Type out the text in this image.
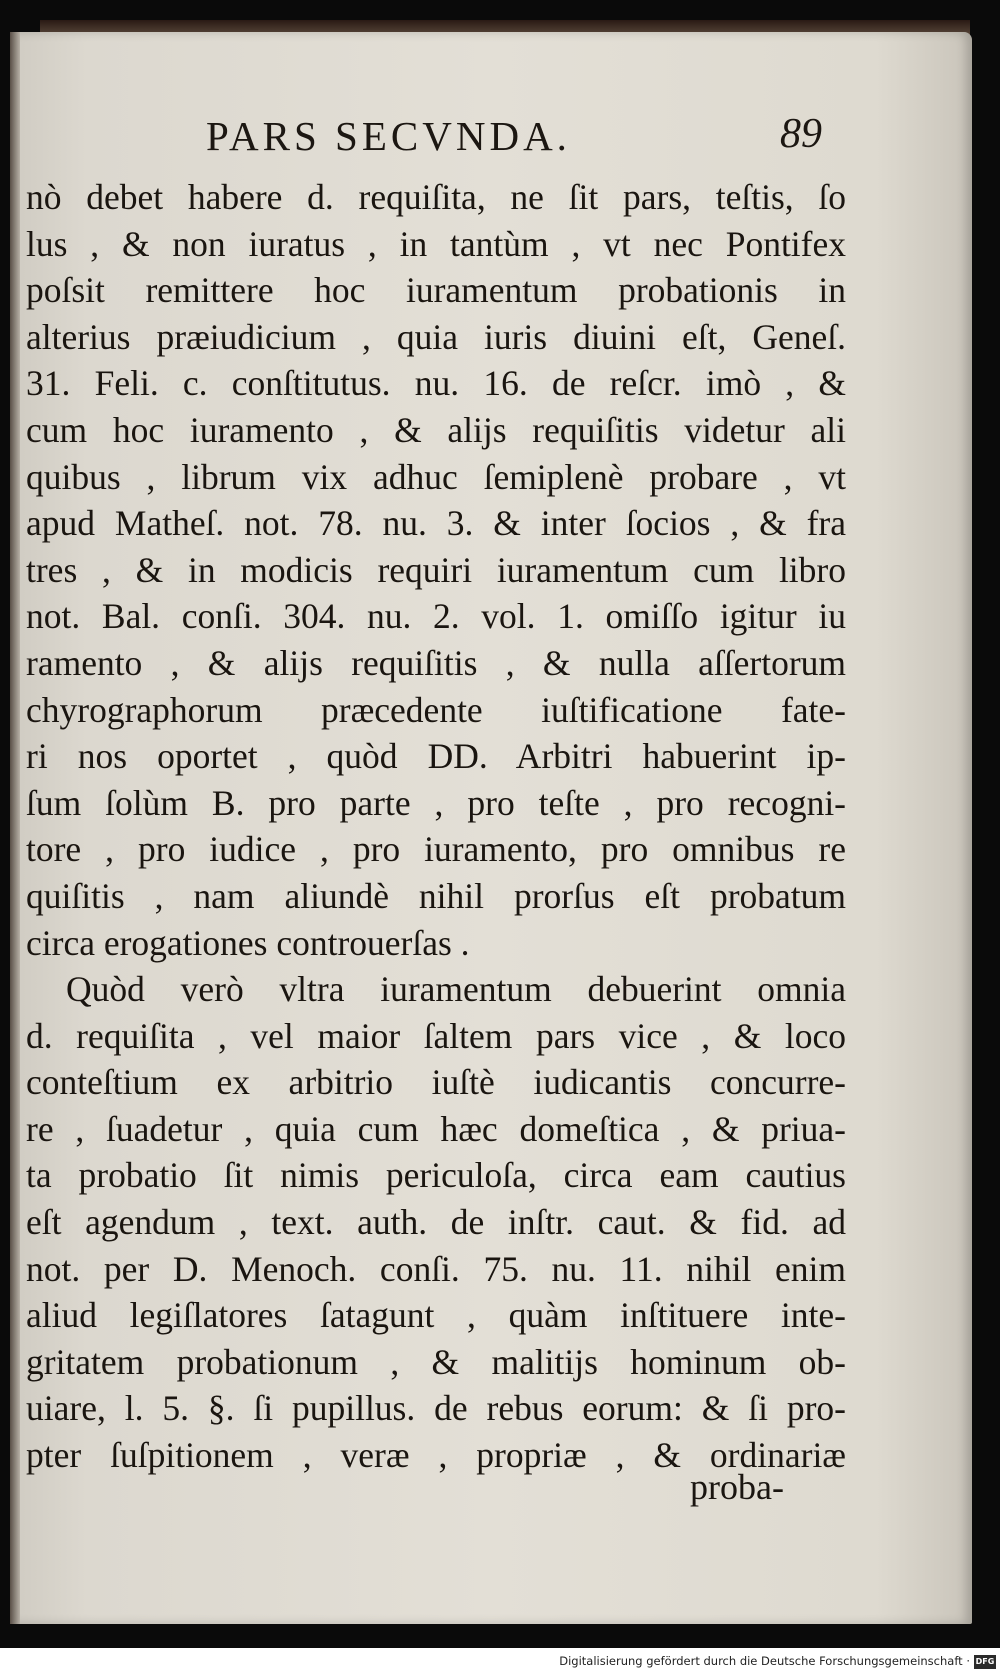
PARS SECVNDA.	89
nò debet habere d. requiſita, ne ſit pars, teſtis, ſo
lus , & non iuratus , in tantùm , vt nec Pontifex
poſsit remittere hoc iuramentum probationis in
alterius præiudicium , quia iuris diuini eſt, Geneſ.
31. Feli. c. conſtitutus. nu. 16. de reſcr. imò , &
cum hoc iuramento , & alijs requiſitis videtur ali
quibus , librum vix adhuc ſemiplenè probare , vt
apud Matheſ. not. 78. nu. 3. & inter ſocios , & fra
tres , & in modicis requiri iuramentum cum libro
not. Bal. conſi. 304. nu. 2. vol. 1. omiſſo igitur iu
ramento , & alijs requiſitis , & nulla aſſertorum
chyrographorum præcedente iuſtificatione fate-
ri nos oportet , quòd DD. Arbitri habuerint ip-
ſum ſolùm B. pro parte , pro teſte , pro recogni-
tore , pro iudice , pro iuramento, pro omnibus re
quiſitis , nam aliundè nihil prorſus eſt probatum
circa erogationes controuerſas .
Quòd verò vltra iuramentum debuerint omnia
d. requiſita , vel maior ſaltem pars vice , & loco
conteſtium ex arbitrio iuſtè iudicantis concurre-
re , ſuadetur , quia cum hæc domeſtica , & priua-
ta probatio ſit nimis periculoſa, circa eam cautius
eſt agendum , text. auth. de inſtr. caut. & fid. ad
not. per D. Menoch. conſi. 75. nu. 11. nihil enim
aliud legiſlatores ſatagunt , quàm inſtituere inte-
gritatem probationum , & malitijs hominum ob-
uiare, l. 5. §. ſi pupillus. de rebus eorum: & ſi pro-
pter ſuſpitionem , veræ , propriæ , & ordinariæ
proba-
Digitalisierung gefördert durch die Deutsche Forschungsgemeinschaft · DFG
